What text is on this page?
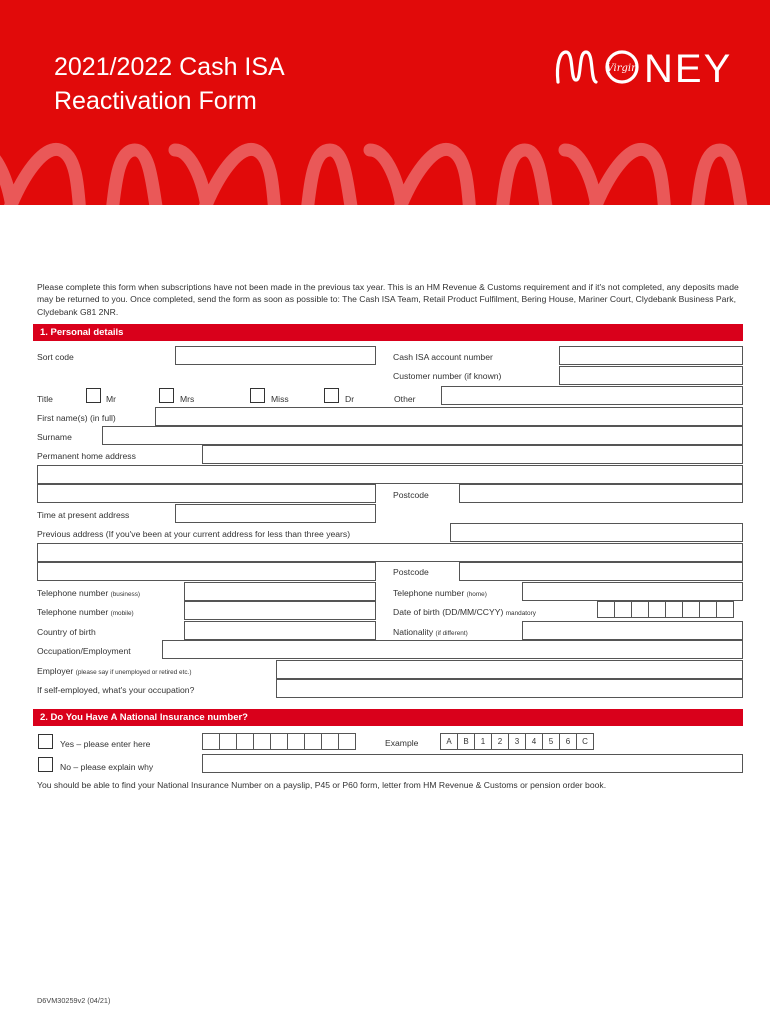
2021/2022 Cash ISA
Reactivation Form
Virgin NEY
Please complete this form when subscriptions have not been made in the previous tax year. This is an HM Revenue & Customs requirement and if it's not completed, any deposits made may be returned to you. Once completed, send the form as soon as possible to: The Cash ISA Team, Retail Product Fulfilment, Bering House, Mariner Court, Clydebank Business Park, Clydebank G81 2NR.
1. Personal details
Sort code	Cash ISA account number
Customer number (if known)
Title	Mr	Mrs	Miss	Dr	Other
First name(s) (in full)
Surname
Permanent home address
Postcode
Time at present address
Previous address (If you've been at your current address for less than three years)
Postcode
Telephone number (business)	Telephone number (home)
Telephone number (mobile)	Date of birth (DD/MM/CCYY) mandatory
Country of birth	Nationality (if different)
Occupation/Employment
Employer (please say if unemployed or retired etc.)
If self-employed, what's your occupation?
2. Do You Have A National Insurance number?
Yes – please enter here	Example	A	B	1	2	3	4	5	6	C
No – please explain why
You should be able to find your National Insurance Number on a payslip, P45 or P60 form, letter from HM Revenue & Customs or pension order book.
D6VM30259v2 (04/21)
